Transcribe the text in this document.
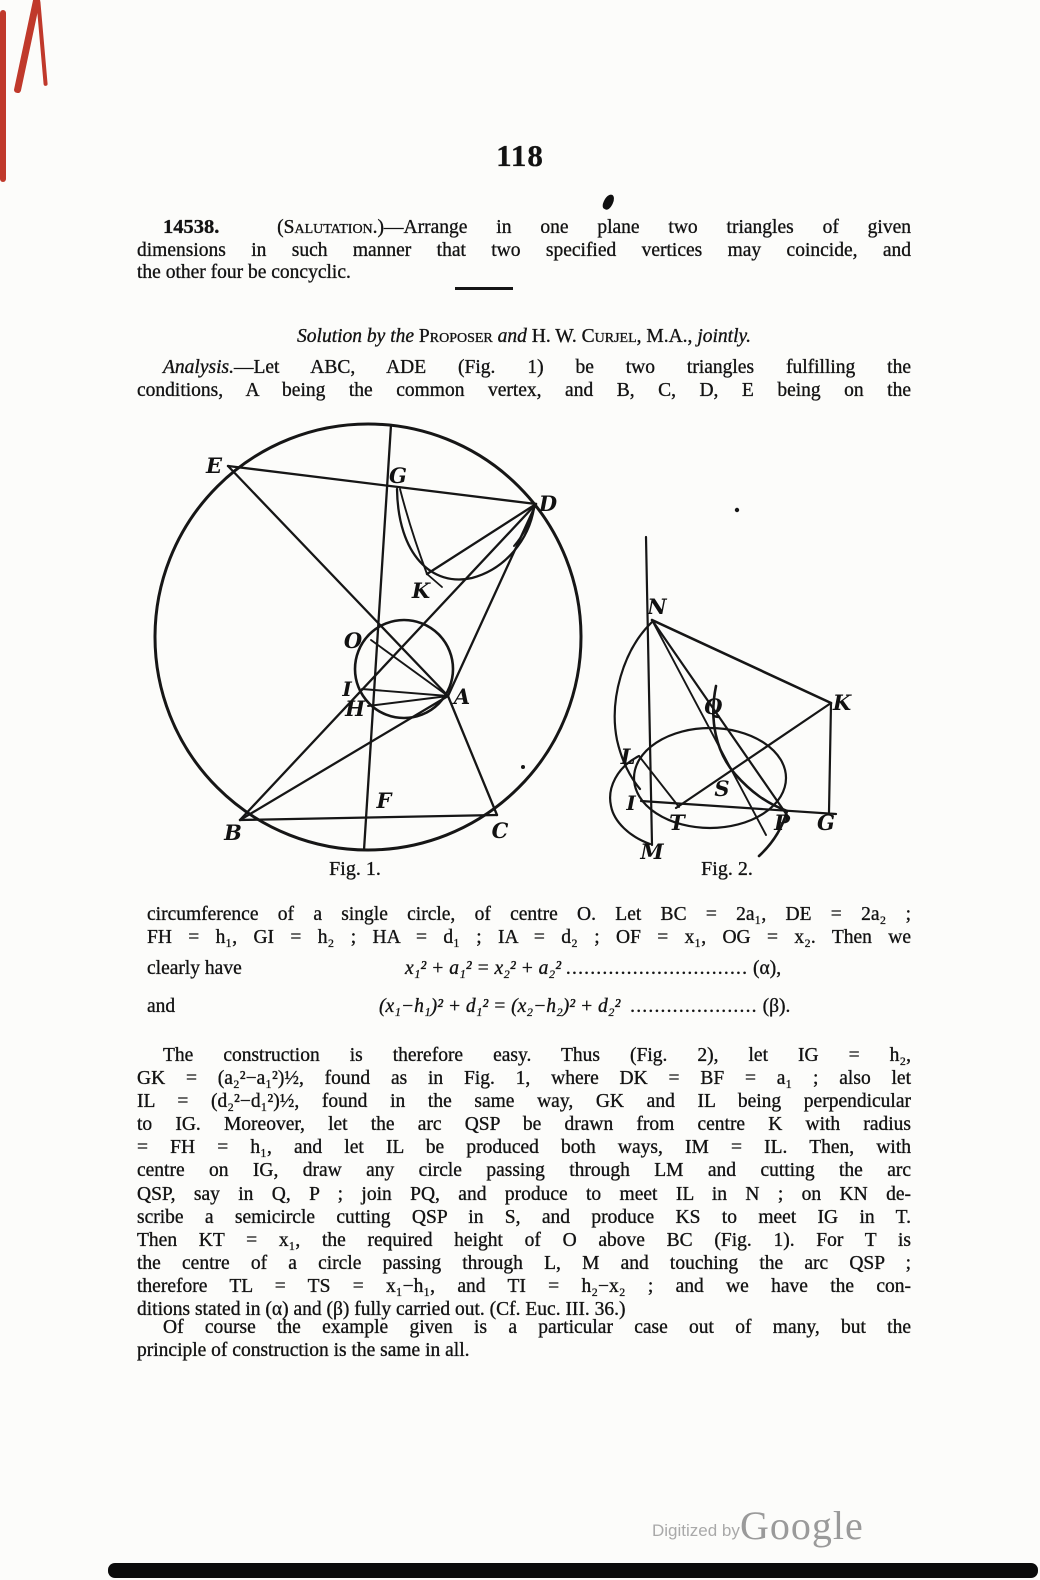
118
14538.	(Salutation.)—Arrange in one plane two triangles of given
dimensions in such manner that two specified vertices may coincide, and
the other four be concyclic.
Solution by the Proposer and H. W. Curjel, M.A., jointly.
Analysis.—Let ABC, ADE (Fig. 1) be two triangles fulfilling the
conditions, A being the common vertex, and B, C, D, E being on the
E	G
D
K
O
I
H	A
F
B	C
N
K
Q
L
S
I
T	P G
M
Fig. 1.	Fig. 2.
circumference of a single circle, of centre O. Let BC = 2a₁, DE = 2a₂ ;
FH = h₁, GI = h₂ ; HA = d₁ ; IA = d₂ ; OF = x₁, OG = x₂. Then we
clearly have	x₁² + a₁² = x₂² + a₂² .............................. (α),
and	(x₁−h₁)² + d₁² = (x₂−h₂)² + d₂² ..................... (β).
The construction is therefore easy. Thus (Fig. 2), let IG = h₂,
GK = (a₂²−a₁²)½, found as in Fig. 1, where DK = BF = a₁ ; also let
IL = (d₂²−d₁²)½, found in the same way, GK and IL being perpendicular
to IG. Moreover, let the arc QSP be drawn from centre K with radius
= FH = h₁, and let IL be produced both ways, IM = IL. Then, with
centre on IG, draw any circle passing through LM and cutting the arc
QSP, say in Q, P ; join PQ, and produce to meet IL in N ; on KN de-
scribe a semicircle cutting QSP in S, and produce KS to meet IG in T.
Then KT = x₁, the required height of O above BC (Fig. 1). For T is
the centre of a circle passing through L, M and touching the arc QSP ;
therefore TL = TS = x₁−h₁, and TI = h₂−x₂ ; and we have the con-
ditions stated in (α) and (β) fully carried out. (Cf. Euc. III. 36.)
Of course the example given is a particular case out of many, but the
principle of construction is the same in all.
Digitized by Google
